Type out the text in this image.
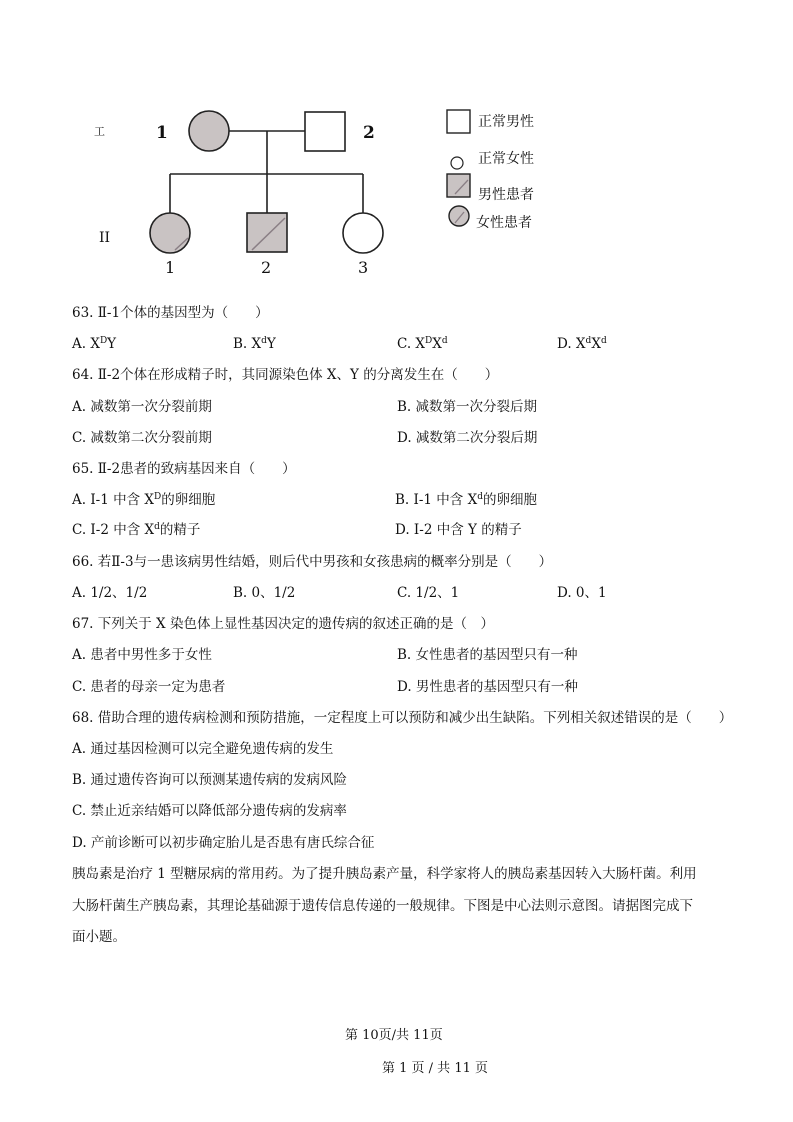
工
II
1	2
1	2	3
正常男性
正常女性
男性患者
女性患者
63. Ⅱ-1个体的基因型为（　　）
A. $X^DY$	B. $X^dY$	C. $X^DX^d$	D. $X^dX^d$
64. Ⅱ-2个体在形成精子时，其同源染色体 X、Y 的分离发生在（　　）
A. 减数第一次分裂前期	B. 减数第一次分裂后期
C. 减数第二次分裂前期	D. 减数第二次分裂后期
65. Ⅱ-2患者的致病基因来自（　　）
A. I-1 中含 $X^D$的卵细胞	B. I-1 中含 $X^d$的卵细胞
C. I-2 中含 $X^d$的精子	D. I-2 中含 Y 的精子
66. 若Ⅱ-3与一患该病男性结婚，则后代中男孩和女孩患病的概率分别是（　　）
A. 1/2、1/2	B. 0、1/2	C. 1/2、1	D. 0、1
67. 下列关于 X 染色体上显性基因决定的遗传病的叙述正确的是（　）
A. 患者中男性多于女性	B. 女性患者的基因型只有一种
C. 患者的母亲一定为患者	D. 男性患者的基因型只有一种
68. 借助合理的遗传病检测和预防措施，一定程度上可以预防和减少出生缺陷。下列相关叙述错误的是（　　）
A. 通过基因检测可以完全避免遗传病的发生
B. 通过遗传咨询可以预测某遗传病的发病风险
C. 禁止近亲结婚可以降低部分遗传病的发病率
D. 产前诊断可以初步确定胎儿是否患有唐氏综合征
胰岛素是治疗 1 型糖尿病的常用药。为了提升胰岛素产量，科学家将人的胰岛素基因转入大肠杆菌。利用
大肠杆菌生产胰岛素，其理论基础源于遗传信息传递的一般规律。下图是中心法则示意图。请据图完成下
面小题。
第 10页/共 11页
第 1 页 / 共 11 页
